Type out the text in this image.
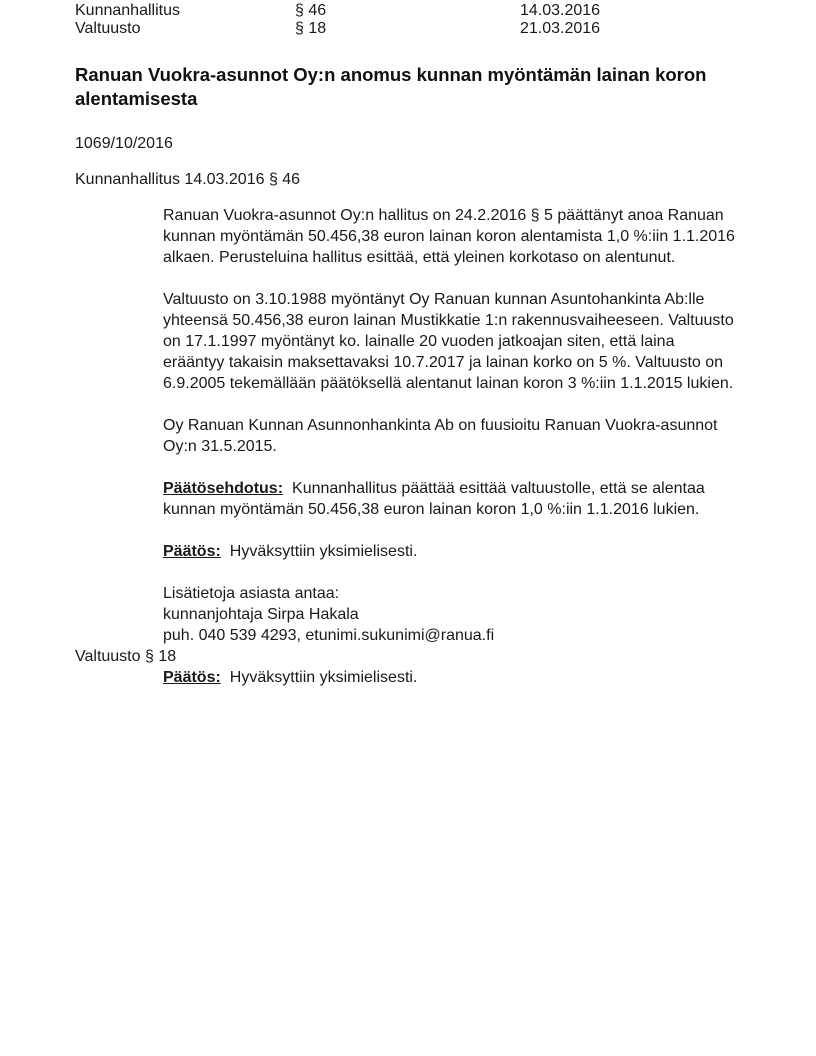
Kunnanhallitus	§ 46	14.03.2016
Valtuusto	§ 18	21.03.2016
Ranuan Vuokra-asunnot Oy:n anomus kunnan myöntämän lainan koron alentamisesta

1069/10/2016

Kunnanhallitus 14.03.2016 § 46

Ranuan Vuokra-asunnot Oy:n hallitus on 24.2.2016 § 5 päättänyt anoa Ranuan kunnan myöntämän 50.456,38 euron lainan koron alentamista 1,0 %:iin 1.1.2016 alkaen. Perusteluina hallitus esittää, että yleinen korkotaso on alentunut.

Valtuusto on 3.10.1988 myöntänyt Oy Ranuan kunnan Asuntohankinta Ab:lle yhteensä 50.456,38 euron lainan Mustikkatie 1:n rakennusvaiheeseen. Valtuusto on 17.1.1997 myöntänyt ko. lainalle 20 vuoden jatkoajan siten, että laina erääntyy takaisin maksettavaksi 10.7.2017 ja lainan korko on 5 %. Valtuusto on 6.9.2005 tekemällään päätöksellä alentanut lainan koron 3 %:iin 1.1.2015 lukien.

Oy Ranuan Kunnan Asunnonhankinta Ab on fuusioitu Ranuan Vuokra-asunnot Oy:n 31.5.2015.

Päätösehdotus: Kunnanhallitus päättää esittää valtuustolle, että se alentaa kunnan myöntämän 50.456,38 euron lainan koron 1,0 %:iin 1.1.2016 lukien.

Päätös: Hyväksyttiin yksimielisesti.

Lisätietoja asiasta antaa:

kunnanjohtaja Sirpa Hakala

puh. 040 539 4293, etunimi.sukunimi@ranua.fi

Valtuusto § 18

Päätös: Hyväksyttiin yksimielisesti.
